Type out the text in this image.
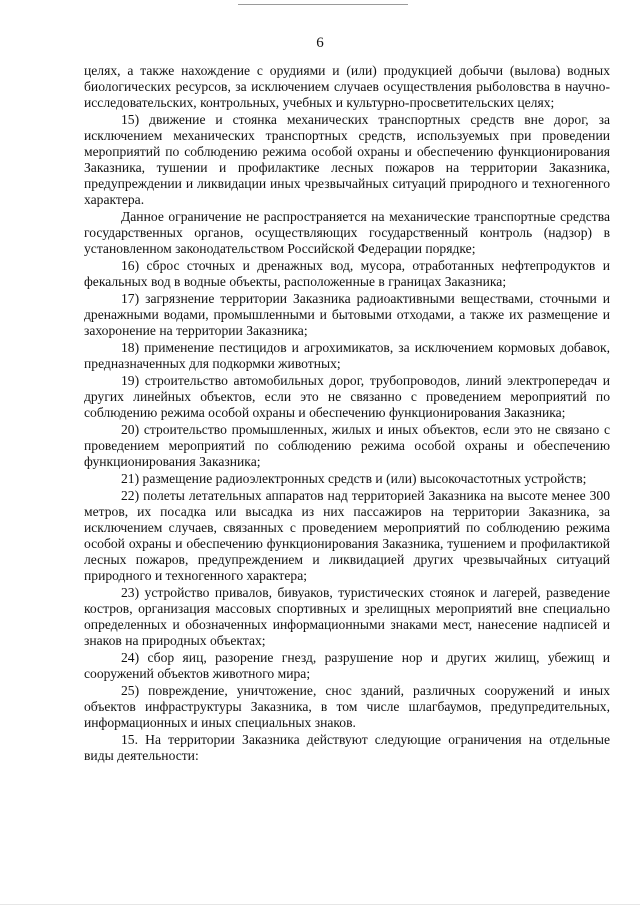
6

целях, а также нахождение с орудиями и (или) продукцией добычи (вылова) водных биологических ресурсов, за исключением случаев осуществления рыболовства в научно-исследовательских, контрольных, учебных и культурно-просветительских целях;

15) движение и стоянка механических транспортных средств вне дорог, за исключением механических транспортных средств, используемых при проведении мероприятий по соблюдению режима особой охраны и обеспечению функционирования Заказника, тушении и профилактике лесных пожаров на территории Заказника, предупреждении и ликвидации иных чрезвычайных ситуаций природного и техногенного характера.

Данное ограничение не распространяется на механические транспортные средства государственных органов, осуществляющих государственный контроль (надзор) в установленном законодательством Российской Федерации порядке;

16) сброс сточных и дренажных вод, мусора, отработанных нефтепродуктов и фекальных вод в водные объекты, расположенные в границах Заказника;

17) загрязнение территории Заказника радиоактивными веществами, сточными и дренажными водами, промышленными и бытовыми отходами, а также их размещение и захоронение на территории Заказника;

18) применение пестицидов и агрохимикатов, за исключением кормовых добавок, предназначенных для подкормки животных;

19) строительство автомобильных дорог, трубопроводов, линий электропередач и других линейных объектов, если это не связанно с проведением мероприятий по соблюдению режима особой охраны и обеспечению функционирования Заказника;

20) строительство промышленных, жилых и иных объектов, если это не связано с проведением мероприятий по соблюдению режима особой охраны и обеспечению функционирования Заказника;

21) размещение радиоэлектронных средств и (или) высокочастотных устройств;

22) полеты летательных аппаратов над территорией Заказника на высоте менее 300 метров, их посадка или высадка из них пассажиров на территории Заказника, за исключением случаев, связанных с проведением мероприятий по соблюдению режима особой охраны и обеспечению функционирования Заказника, тушением и профилактикой лесных пожаров, предупреждением и ликвидацией других чрезвычайных ситуаций природного и техногенного характера;

23) устройство привалов, бивуаков, туристических стоянок и лагерей, разведение костров, организация массовых спортивных и зрелищных мероприятий вне специально определенных и обозначенных информационными знаками мест, нанесение надписей и знаков на природных объектах;

24) сбор яиц, разорение гнезд, разрушение нор и других жилищ, убежищ и сооружений объектов животного мира;

25) повреждение, уничтожение, снос зданий, различных сооружений и иных объектов инфраструктуры Заказника, в том числе шлагбаумов, предупредительных, информационных и иных специальных знаков.

15. На территории Заказника действуют следующие ограничения на отдельные виды деятельности:
